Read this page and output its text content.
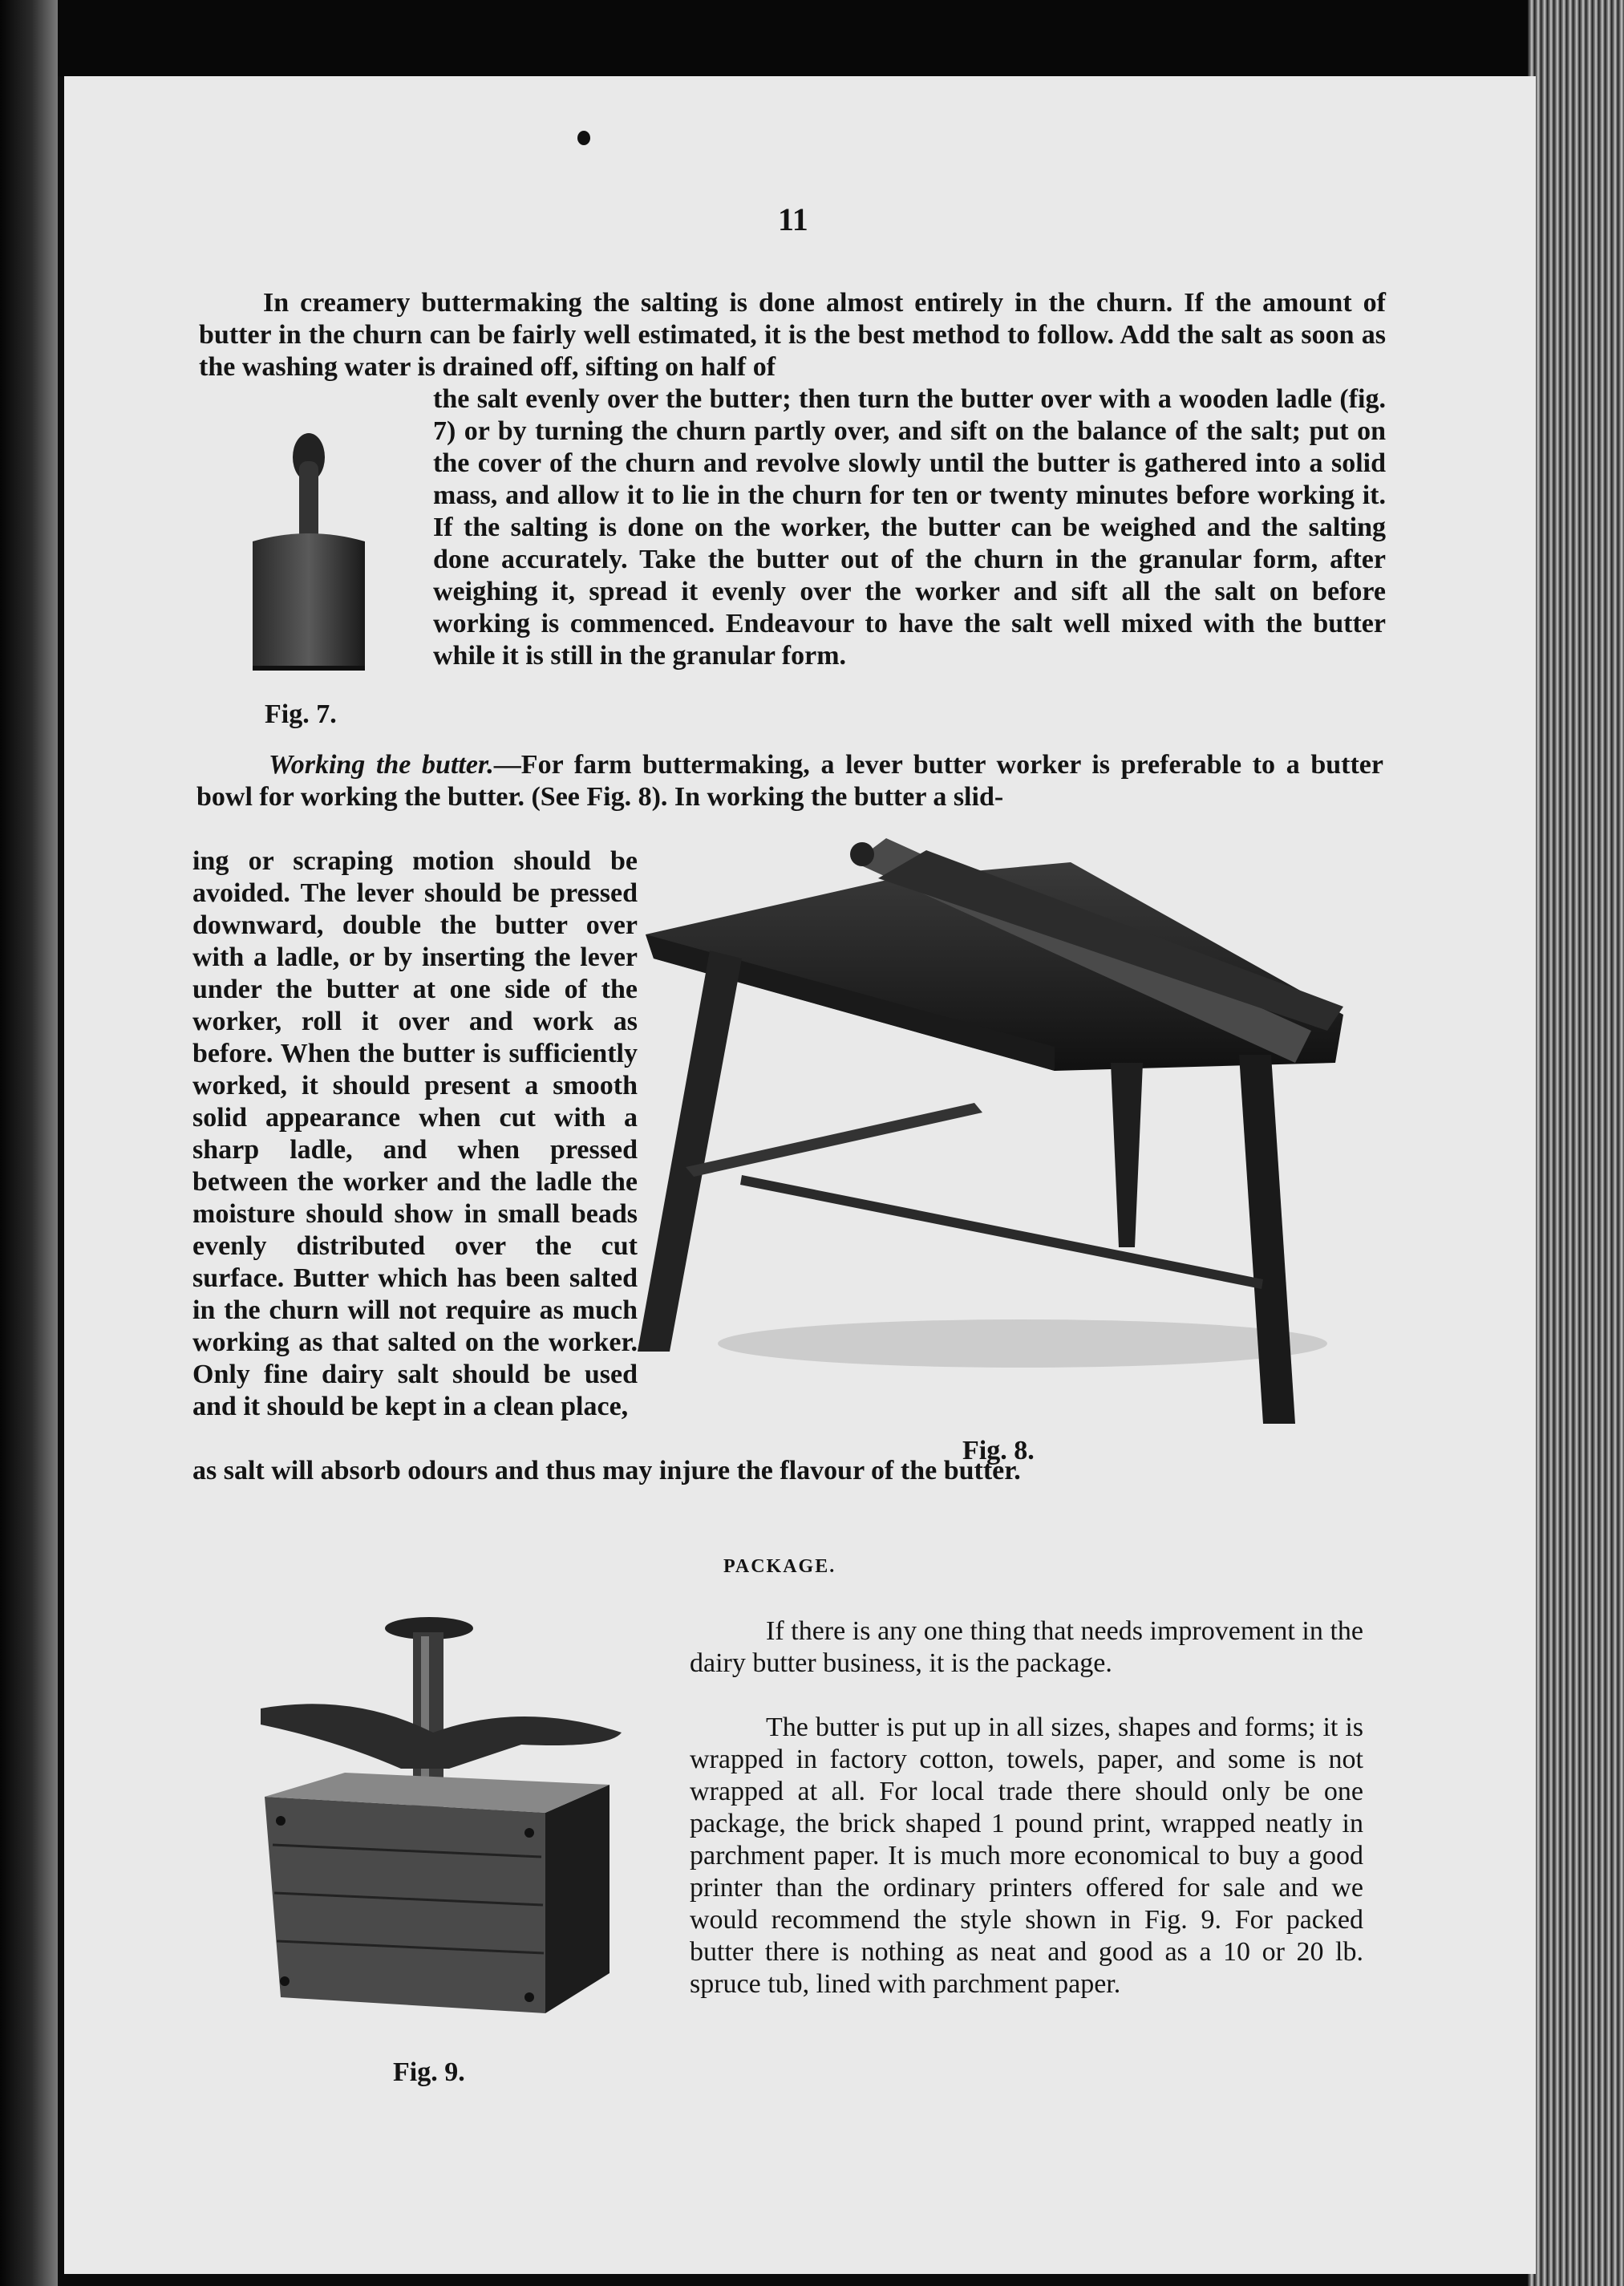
11
In creamery buttermaking the salting is done almost entirely in the churn. If the amount of butter in the churn can be fairly well estimated, it is the best method to follow. Add the salt as soon as the washing water is drained off, sifting on half of
the salt evenly over the butter; then turn the butter over with a wooden ladle (fig. 7) or by turning the churn partly over, and sift on the balance of the salt; put on the cover of the churn and revolve slowly until the butter is gathered into a solid mass, and allow it to lie in the churn for ten or twenty minutes before working it. If the salting is done on the worker, the butter can be weighed and the salting done accurately. Take the butter out of the churn in the granular form, after weighing it, spread it evenly over the worker and sift all the salt on before working is commenced. Endeavour to have the salt well mixed with the butter while it is still in the granular form.
Fig. 7.
Working the butter.—For farm buttermaking, a lever butter worker is preferable to a butter bowl for working the butter. (See Fig. 8). In working the butter a slid-
ing or scraping motion should be avoided. The lever should be pressed downward, double the butter over with a ladle, or by inserting the lever under the butter at one side of the worker, roll it over and work as before. When the butter is sufficiently worked, it should present a smooth solid appearance when cut with a sharp ladle, and when pressed between the worker and the ladle the moisture should show in small beads evenly distributed over the cut surface. Butter which has been salted in the churn will not require as much working as that salted on the worker. Only fine dairy salt should be used and it should be kept in a clean place,
as salt will absorb odours and thus may injure the flavour of the butter.
Fig. 8.
PACKAGE.
Fig. 9.
If there is any one thing that needs improvement in the dairy butter business, it is the package.
The butter is put up in all sizes, shapes and forms; it is wrapped in factory cotton, towels, paper, and some is not wrapped at all. For local trade there should only be one package, the brick shaped 1 pound print, wrapped neatly in parchment paper. It is much more economical to buy a good printer than the ordinary printers offered for sale and we would recommend the style shown in Fig. 9. For packed butter there is nothing as neat and good as a 10 or 20 lb. spruce tub, lined with parchment paper.
